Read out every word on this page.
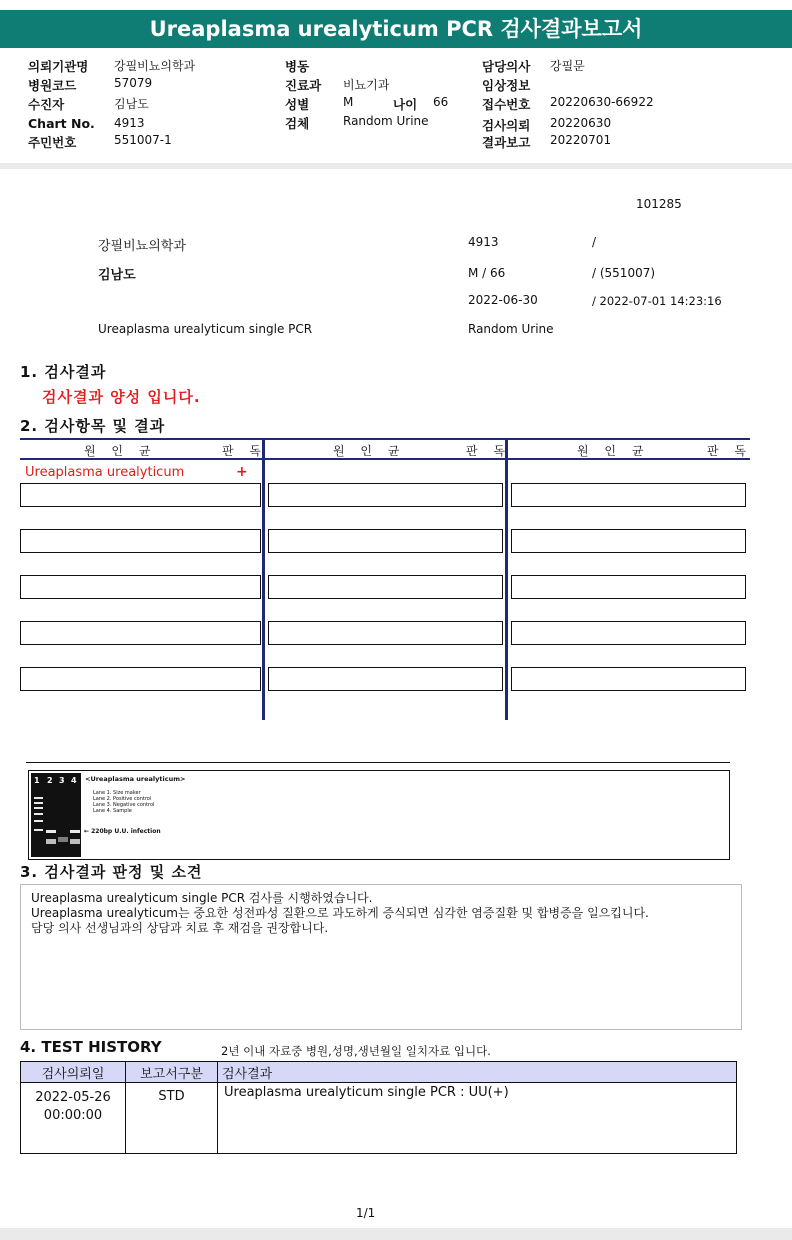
Ureaplasma urealyticum PCR 검사결과보고서
의뢰기관명 강필비뇨의학과
병원코드	57079
수진자	김남도
Chart No. 4913
주민번호	551007-1
병동
진료과 비뇨기과
성별	M	나이 66
검체	Random Urine
담당의사 강필문
임상정보
접수번호 20220630-66922
검사의뢰 20220630
결과보고 20220701
101285
강필비뇨의학과	4913	/
김남도	M / 66	/ (551007)
2022-06-30	/ 2022-07-01 14:23:16
Ureaplasma urealyticum single PCR	Random Urine
1. 검사결과
검사결과 양성 입니다.
2. 검사항목 및 결과
원 인 균	판 독	원 인 균	판 독	원 인 균	판 독
Ureaplasma urealyticum	+
1 2 3 4 <Ureaplasma urealyticum>
Lane 1. Size maker
Lane 2. Positive control
Lane 3. Negative control
Lane 4. Sample
← 220bp U.U. infection
3. 검사결과 판정 및 소견
Ureaplasma urealyticum single PCR 검사를 시행하였습니다.
Ureaplasma urealyticum는 중요한 성전파성 질환으로 과도하게 증식되면 심각한 염증질환 및 합병증을 일으킵니다.
담당 의사 선생님과의 상담과 치료 후 재검을 권장합니다.
4. TEST HISTORY	2년 이내 자료중 병원,성명,생년월일 일치자료 입니다.
검사의뢰일	보고서구분	검사결과

2022-05-26
00:00:00	STD	Ureaplasma urealyticum single PCR : UU(+)
1/1
